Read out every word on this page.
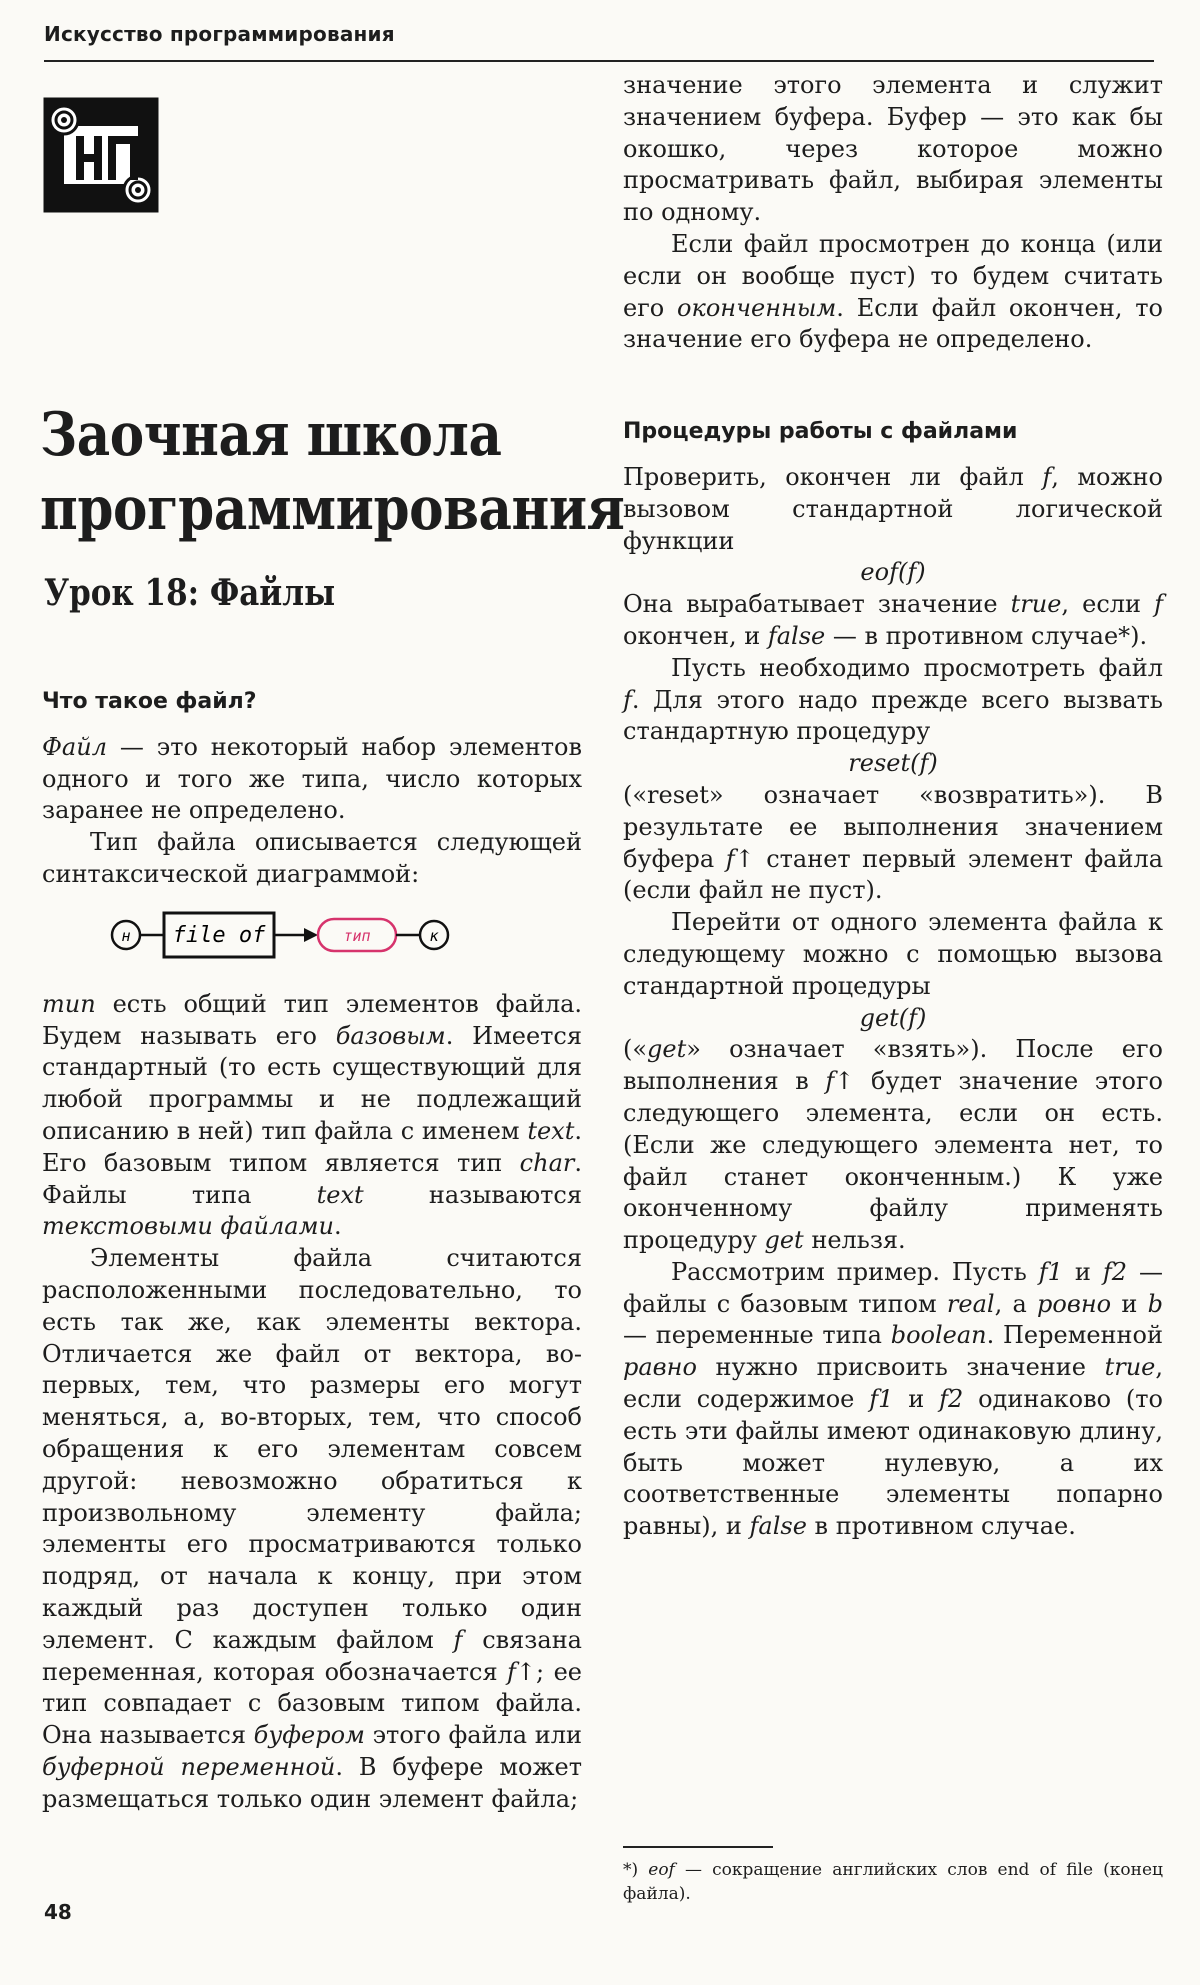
Искусство программирования
Заочная школа
программирования
Урок 18: Файлы

Что такое файл?

Файл — это некоторый набор элементов одного и того же типа, число которых заранее не определено.

Тип файла описывается следующей синтаксической диаграммой:

н file of	тип	к

тип есть общий тип элементов файла. Будем называть его базовым. Имеется стандартный (то есть существующий для любой программы и не подлежащий описанию в ней) тип файла с именем text. Его базовым типом является тип char. Файлы типа text называются текстовыми файлами.

Элементы файла считаются расположенными последовательно, то есть так же, как элементы вектора. Отличается же файл от вектора, во-первых, тем, что размеры его могут меняться, а, во-вторых, тем, что способ обращения к его элементам совсем другой: невозможно обратиться к произвольному элементу файла; элементы его просматриваются только подряд, от начала к концу, при этом каждый раз доступен только один элемент. С каждым файлом f связана переменная, которая обозначается f↑; ее тип совпадает с базовым типом файла. Она называется буфером этого файла или буферной переменной. В буфере может размещаться только один элемент файла;

значение этого элемента и служит значением буфера. Буфер — это как бы окошко, через которое можно просматривать файл, выбирая элементы по одному.

Если файл просмотрен до конца (или если он вообще пуст) то будем считать его оконченным. Если файл окончен, то значение его буфера не определено.

Процедуры работы с файлами

Проверить, окончен ли файл f, можно вызовом стандартной логической функции

eof(f)

Она вырабатывает значение true, если f окончен, и false — в противном случае*).

Пусть необходимо просмотреть файл f. Для этого надо прежде всего вызвать стандартную процедуру

reset(f)

(«reset» означает «возвратить»). В результате ее выполнения значением буфера f↑ станет первый элемент файла (если файл не пуст).

Перейти от одного элемента файла к следующему можно с помощью вызова стандартной процедуры

get(f)

(«get» означает «взять»). После его выполнения в f↑ будет значение этого следующего элемента, если он есть. (Если же следующего элемента нет, то файл станет оконченным.) К уже оконченному файлу применять процедуру get нельзя.

Рассмотрим пример. Пусть f1 и f2 — файлы с базовым типом real, а ровно и b — переменные типа boolean. Переменной равно нужно присвоить значение true, если содержимое f1 и f2 одинаково (то есть эти файлы имеют одинаковую длину, быть может нулевую, а их соответственные элементы попарно равны), и false в противном случае.

*) eof — сокращение английских слов end of file (конец файла).
48
